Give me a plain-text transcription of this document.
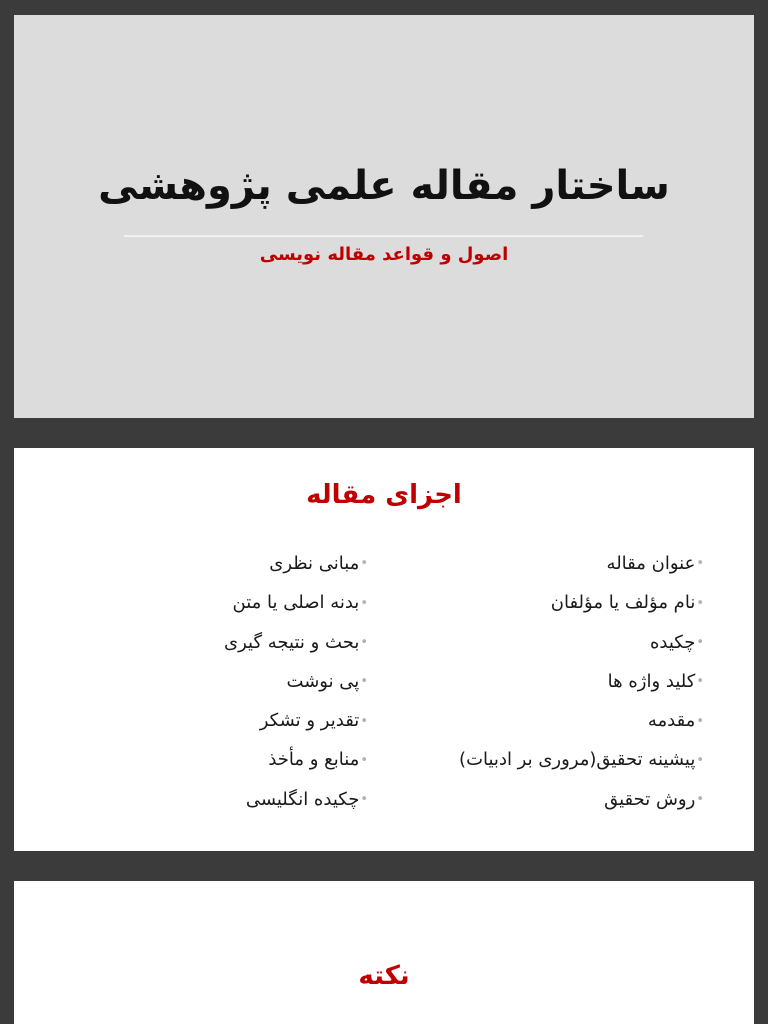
ساختار مقاله علمی پژوهشی
اصول و قواعد مقاله نویسی
اجزای مقاله
•عنوان مقاله
•نام مؤلف یا مؤلفان
•چکیده
•کلید واژه ها
•مقدمه
•پیشینه تحقیق(مروری بر ادبیات)
•روش تحقیق
•مبانی نظری
•بدنه اصلی یا متن
•بحث و نتیجه گیری
•پی نوشت
•تقدیر و تشکر
•منابع و مأخذ
•چکیده انگلیسی
نکته
